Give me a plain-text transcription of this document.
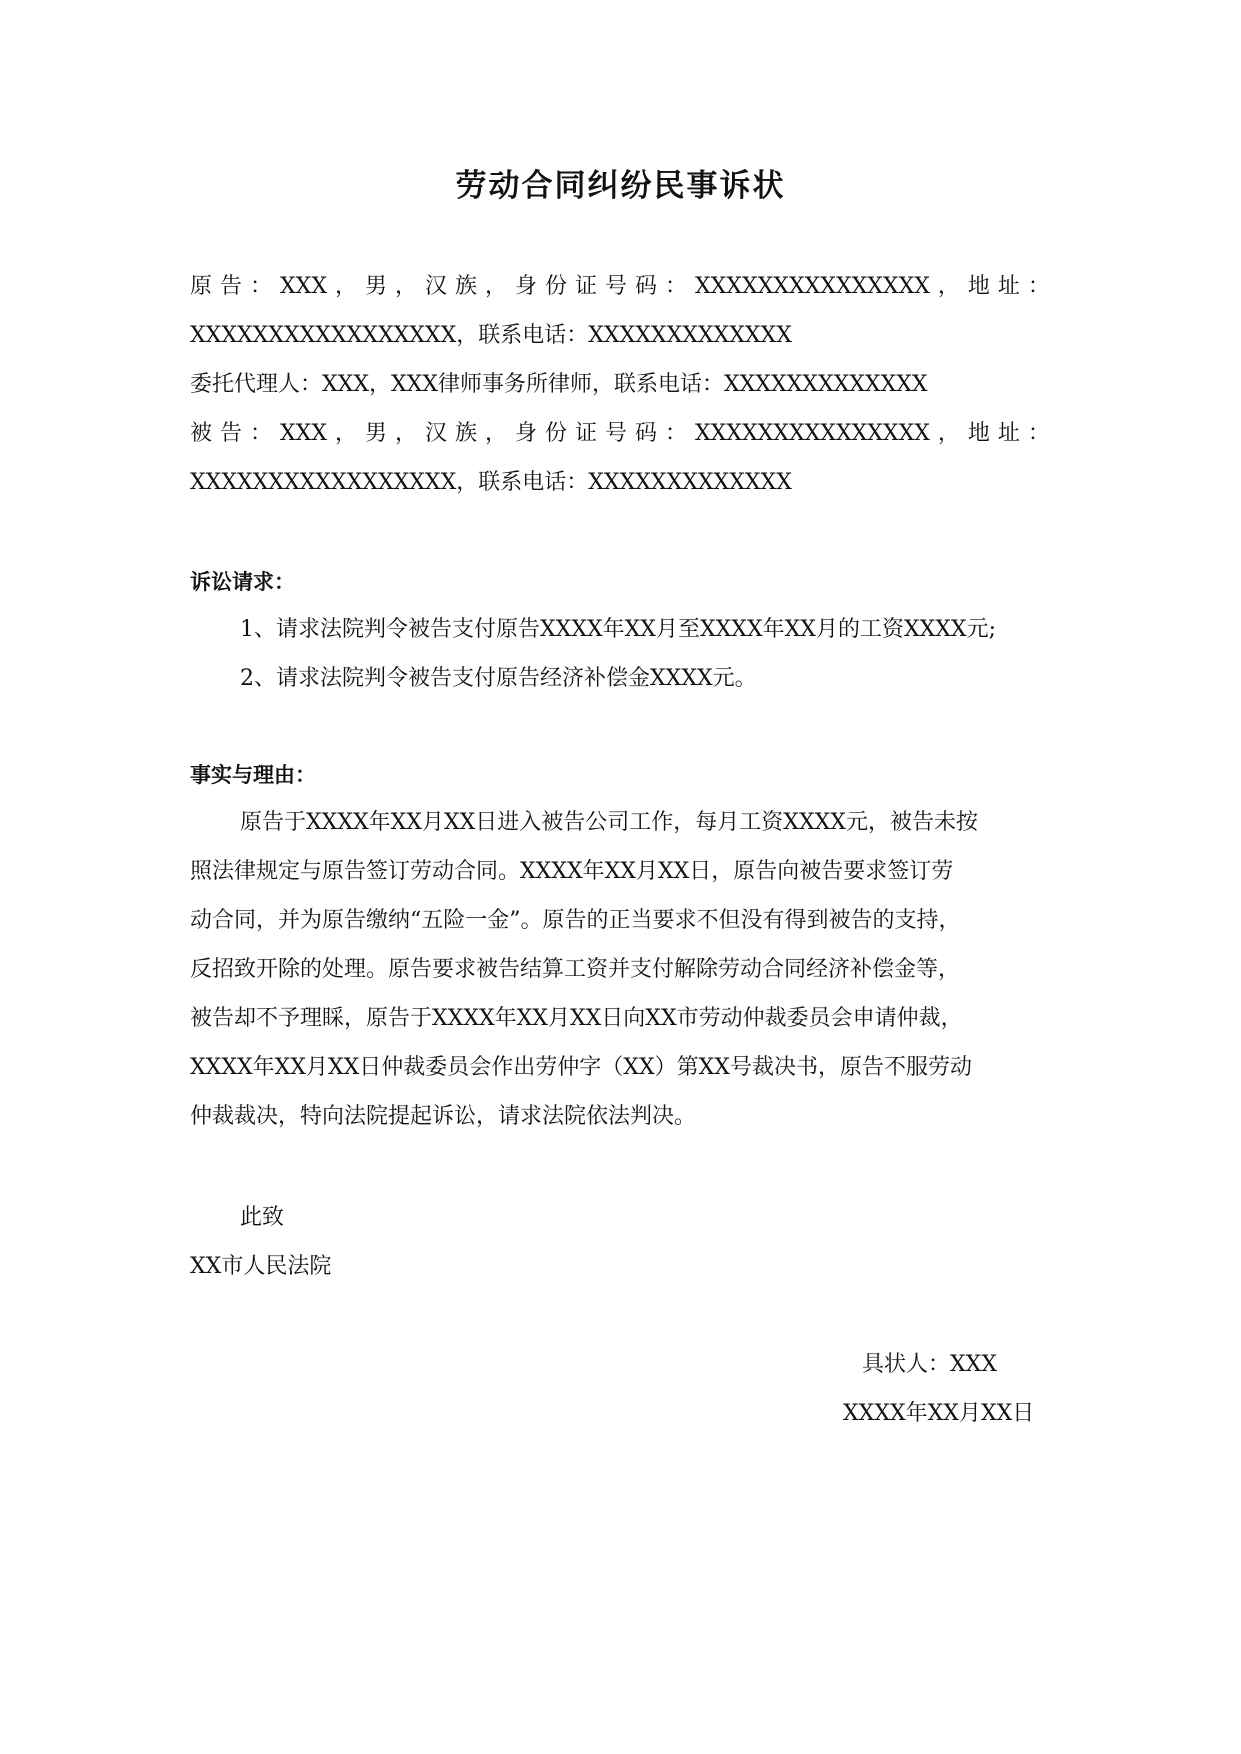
劳动合同纠纷民事诉状
原 告 ： XXX ， 男 ， 汉 族 ， 身 份 证 号 码 ： XXXXXXXXXXXXXXX ， 地 址 ：
XXXXXXXXXXXXXXXXX，联系电话：XXXXXXXXXXXXX
委托代理人：XXX，XXX律师事务所律师，联系电话：XXXXXXXXXXXXX
被 告 ： XXX ， 男 ， 汉 族 ， 身 份 证 号 码 ： XXXXXXXXXXXXXXX ， 地 址 ：
XXXXXXXXXXXXXXXXX，联系电话：XXXXXXXXXXXXX
诉讼请求：
1、请求法院判令被告支付原告XXXX年XX月至XXXX年XX月的工资XXXX元;
2、请求法院判令被告支付原告经济补偿金XXXX元。
事实与理由：
原告于XXXX年XX月XX日进入被告公司工作，每月工资XXXX元，被告未按
照法律规定与原告签订劳动合同。XXXX年XX月XX日，原告向被告要求签订劳
动合同，并为原告缴纳“五险一金”。原告的正当要求不但没有得到被告的支持，
反招致开除的处理。原告要求被告结算工资并支付解除劳动合同经济补偿金等，
被告却不予理睬，原告于XXXX年XX月XX日向XX市劳动仲裁委员会申请仲裁，
XXXX年XX月XX日仲裁委员会作出劳仲字（XX）第XX号裁决书，原告不服劳动
仲裁裁决，特向法院提起诉讼，请求法院依法判决。
此致
XX市人民法院
具状人：XXX
XXXX年XX月XX日
